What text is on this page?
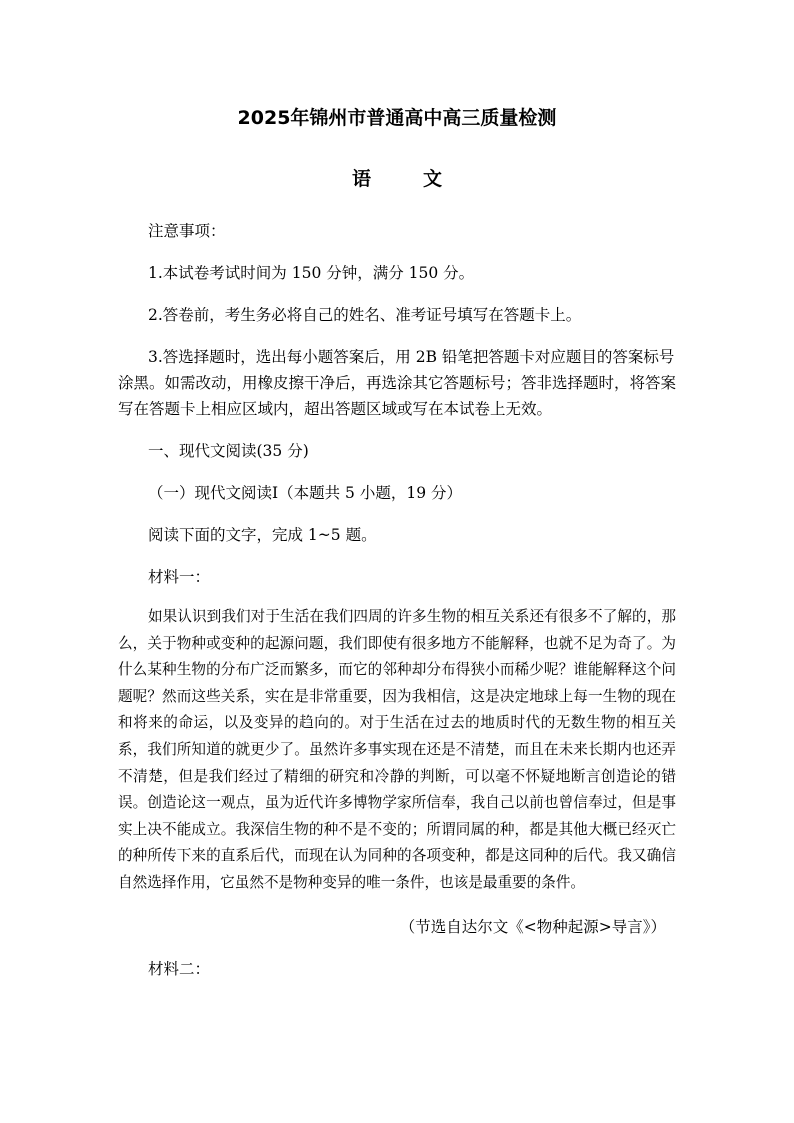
2025年锦州市普通高中高三质量检测
语	文

注意事项：

1.本试卷考试时间为 150 分钟，满分 150 分。

2.答卷前，考生务必将自己的姓名、准考证号填写在答题卡上。

3.答选择题时，选出每小题答案后，用 2B 铅笔把答题卡对应题目的答案标号涂黑。如需改动，用橡皮擦干净后，再选涂其它答题标号；答非选择题时，将答案写在答题卡上相应区域内，超出答题区域或写在本试卷上无效。

一、现代文阅读(35 分)

（一）现代文阅读Ⅰ（本题共 5 小题，19 分）

阅读下面的文字，完成 1~5 题。

材料一：

如果认识到我们对于生活在我们四周的许多生物的相互关系还有很多不了解的，那么，关于物种或变种的起源问题，我们即使有很多地方不能解释，也就不足为奇了。为什么某种生物的分布广泛而繁多，而它的邻种却分布得狭小而稀少呢？谁能解释这个问题呢？然而这些关系，实在是非常重要，因为我相信，这是决定地球上每一生物的现在和将来的命运，以及变异的趋向的。对于生活在过去的地质时代的无数生物的相互关系，我们所知道的就更少了。虽然许多事实现在还是不清楚，而且在未来长期内也还弄不清楚，但是我们经过了精细的研究和冷静的判断，可以毫不怀疑地断言创造论的错误。创造论这一观点，虽为近代许多博物学家所信奉，我自己以前也曾信奉过，但是事实上决不能成立。我深信生物的种不是不变的；所谓同属的种，都是其他大概已经灭亡的种所传下来的直系后代，而现在认为同种的各项变种，都是这同种的后代。我又确信自然选择作用，它虽然不是物种变异的唯一条件，也该是最重要的条件。

（节选自达尔文《<物种起源>导言》）

材料二：
